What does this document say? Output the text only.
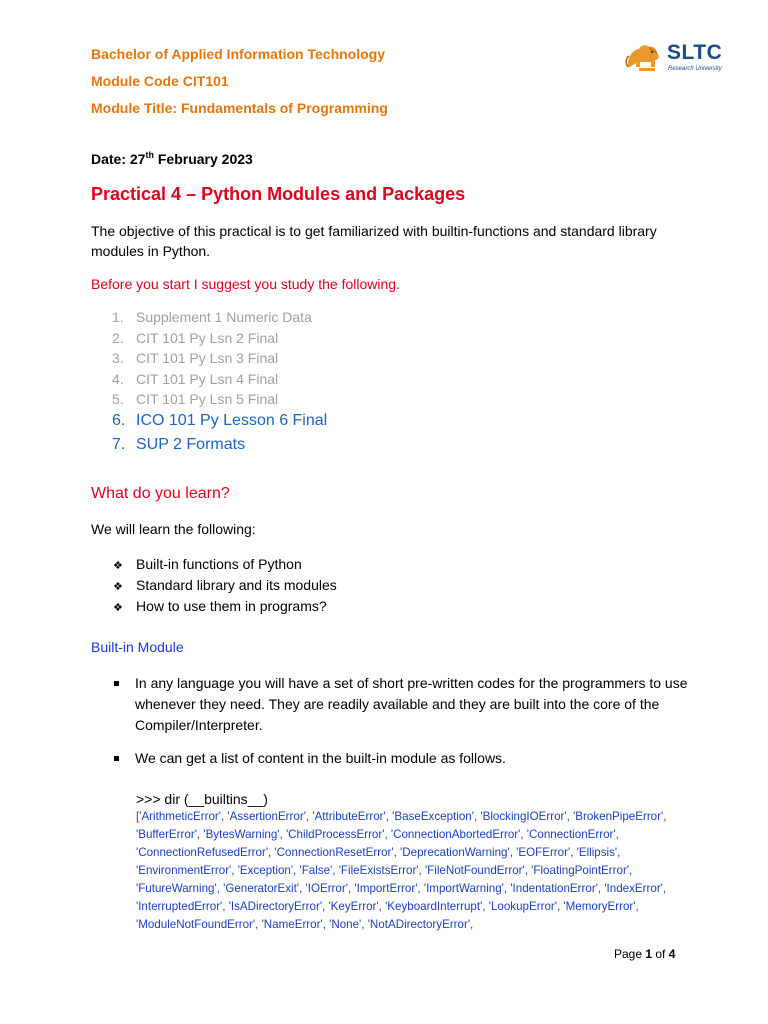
Bachelor of Applied Information Technology
Module Code CIT101
Module Title: Fundamentals of Programming
SLTC
Research University
Date: 27th February 2023
Practical 4 – Python Modules and Packages
The objective of this practical is to get familiarized with builtin-functions and standard library modules in Python.
Before you start I suggest you study the following.
1. Supplement 1 Numeric Data
2. CIT 101 Py Lsn 2 Final
3. CIT 101 Py Lsn 3 Final
4. CIT 101 Py Lsn 4 Final
5. CIT 101 Py Lsn 5 Final
6. ICO 101 Py Lesson 6 Final
7. SUP 2 Formats
What do you learn?
We will learn the following:
❖ Built-in functions of Python
❖ Standard library and its modules
❖ How to use them in programs?
Built-in Module
In any language you will have a set of short pre-written codes for the programmers to use whenever they need. They are readily available and they are built into the core of the Compiler/Interpreter.
We can get a list of content in the built-in module as follows.
>>> dir (__builtins__)
['ArithmeticError', 'AssertionError', 'AttributeError', 'BaseException', 'BlockingIOError', 'BrokenPipeError', 'BufferError', 'BytesWarning', 'ChildProcessError', 'ConnectionAbortedError', 'ConnectionError', 'ConnectionRefusedError', 'ConnectionResetError', 'DeprecationWarning', 'EOFError', 'Ellipsis', 'EnvironmentError', 'Exception', 'False', 'FileExistsError', 'FileNotFoundError', 'FloatingPointError', 'FutureWarning', 'GeneratorExit', 'IOError', 'ImportError', 'ImportWarning', 'IndentationError', 'IndexError', 'InterruptedError', 'IsADirectoryError', 'KeyError', 'KeyboardInterrupt', 'LookupError', 'MemoryError', 'ModuleNotFoundError', 'NameError', 'None', 'NotADirectoryError',
Page 1 of 4
